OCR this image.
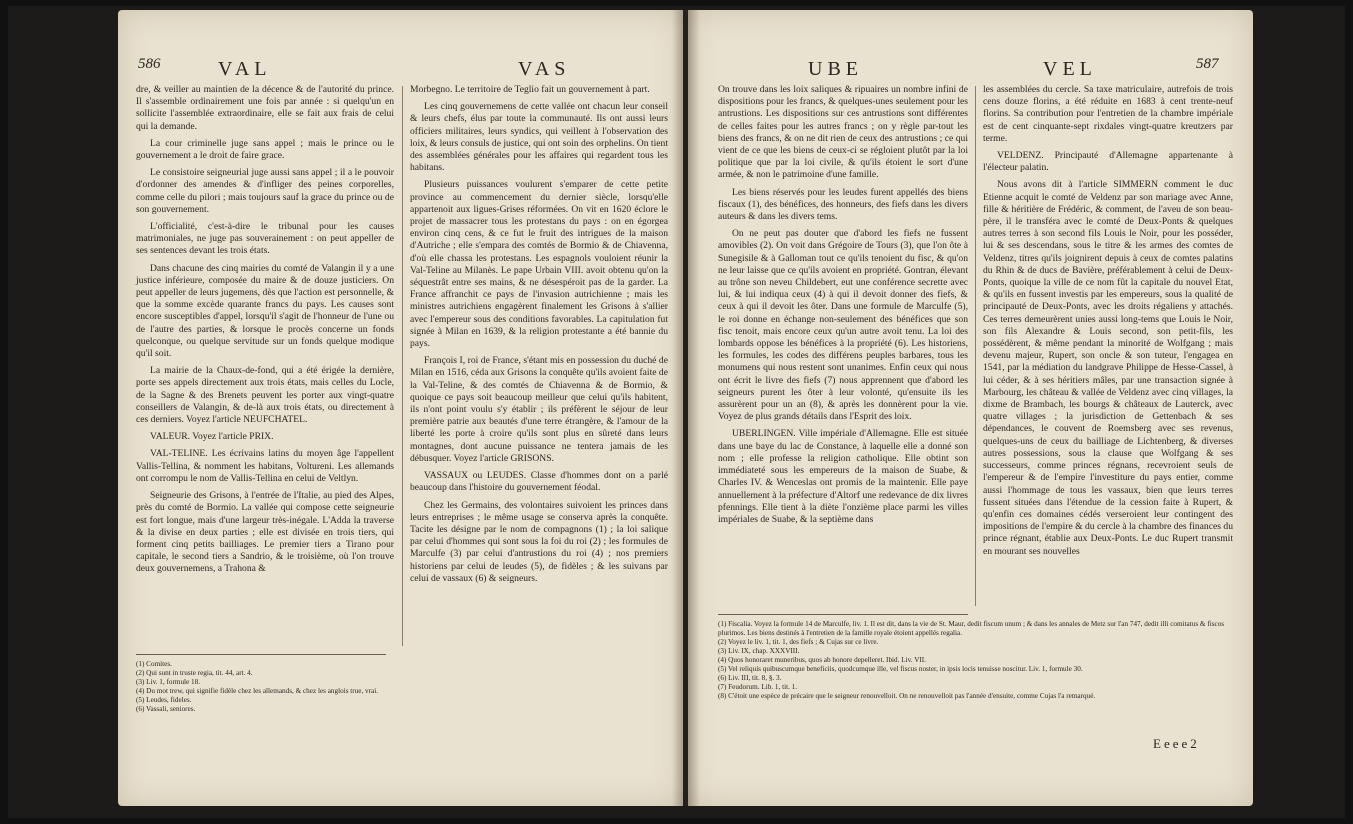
586	VAL	VAS

dre, & veiller au maintien de la décence & de l'autorité du prince. Il s'assemble ordinairement une fois par année : si quelqu'un en sollicite l'assemblée extraordinaire, elle se fait aux frais de celui qui la demande.

La cour criminelle juge sans appel ; mais le prince ou le gouvernement a le droit de faire grace.

Le consistoire seigneurial juge aussi sans appel ; il a le pouvoir d'ordonner des amendes & d'infliger des peines corporelles, comme celle du pilori ; mais toujours sauf la grace du prince ou de son gouvernement.

L'officialité, c'est-à-dire le tribunal pour les causes matrimoniales, ne juge pas souverainement : on peut appeller de ses sentences devant les trois états.

Dans chacune des cinq mairies du comté de Valangin il y a une justice inférieure, composée du maire & de douze justiciers. On peut appeller de leurs jugemens, dès que l'action est personnelle, & que la somme excède quarante francs du pays. Les causes sont encore susceptibles d'appel, lorsqu'il s'agit de l'honneur de l'une ou de l'autre des parties, & lorsque le procès concerne un fonds quelconque, ou quelque servitude sur un fonds quelque modique qu'il soit.

La mairie de la Chaux-de-fond, qui a été érigée la dernière, porte ses appels directement aux trois états, mais celles du Locle, de la Sagne & des Brenets peuvent les porter aux vingt-quatre conseillers de Valangin, & de-là aux trois états, ou directement à ces derniers. Voyez l'article NEUFCHATEL.

VALEUR. Voyez l'article PRIX.

VAL-TELINE. Les écrivains latins du moyen âge l'appellent Vallis-Tellina, & nomment les habitans, Voltureni. Les allemands ont corrompu le nom de Vallis-Tellina en celui de Veltlyn.

Seigneurie des Grisons, à l'entrée de l'Italie, au pied des Alpes, près du comté de Bormio. La vallée qui compose cette seigneurie est fort longue, mais d'une largeur très-inégale. L'Adda la traverse & la divise en deux parties ; elle est divisée en trois tiers, qui forment cinq petits bailliages. Le premier tiers a Tirano pour capitale, le second tiers a Sandrio, & le troisième, où l'on trouve deux gouvernemens, a Trahona &

Morbegno. Le territoire de Teglio fait un gouvernement à part.

Les cinq gouvernemens de cette vallée ont chacun leur conseil & leurs chefs, élus par toute la communauté. Ils ont aussi leurs officiers militaires, leurs syndics, qui veillent à l'observation des loix, & leurs consuls de justice, qui ont soin des orphelins. On tient des assemblées générales pour les affaires qui regardent tous les habitans.

Plusieurs puissances voulurent s'emparer de cette petite province au commencement du dernier siècle, lorsqu'elle appartenoit aux ligues-Grises réformées. On vit en 1620 éclore le projet de massacrer tous les protestans du pays : on en égorgea environ cinq cens, & ce fut le fruit des intrigues de la maison d'Autriche ; elle s'empara des comtés de Bormio & de Chiavenna, d'où elle chassa les protestans. Les espagnols vouloient réunir la Val-Teline au Milanès. Le pape Urbain VIII. avoit obtenu qu'on la séquestrât entre ses mains, & ne désespéroit pas de la garder. La France affranchit ce pays de l'invasion autrichienne ; mais les ministres autrichiens engagèrent finalement les Grisons à s'allier avec l'empereur sous des conditions favorables. La capitulation fut signée à Milan en 1639, & la religion protestante a été bannie du pays.

François I, roi de France, s'étant mis en possession du duché de Milan en 1516, céda aux Grisons la conquête qu'ils avoient faite de la Val-Teline, & des comtés de Chiavenna & de Bormio, & quoique ce pays soit beaucoup meilleur que celui qu'ils habitent, ils n'ont point voulu s'y établir ; ils préfèrent le séjour de leur première patrie aux beautés d'une terre étrangère, & l'amour de la liberté les porte à croire qu'ils sont plus en sûreté dans leurs montagnes, dont aucune puissance ne tentera jamais de les débusquer. Voyez l'article GRISONS.

VASSAUX ou LEUDES. Classe d'hommes dont on a parlé beaucoup dans l'histoire du gouvernement féodal.

Chez les Germains, des volontaires suivoient les princes dans leurs entreprises ; le même usage se conserva après la conquête. Tacite les désigne par le nom de compagnons (1) ; la loi salique par celui d'hommes qui sont sous la foi du roi (2) ; les formules de Marculfe (3) par celui d'antrustions du roi (4) ; nos premiers historiens par celui de leudes (5), de fidèles ; & les suivans par celui de vassaux (6) & seigneurs.

(1) Comites.
(2) Qui sunt in truste regia, tit. 44, art. 4.
(3) Liv. 1, formule 18.
(4) Du mot trew, qui signifie fidèle chez les allemands, & chez les anglois true, vrai.
(5) Leudes, fideles.
(6) Vassali, seniores.
UBE	VEL	587

On trouve dans les loix saliques & ripuaires un nombre infini de dispositions pour les francs, & quelques-unes seulement pour les antrustions. Les dispositions sur ces antrustions sont différentes de celles faites pour les autres francs ; on y règle par-tout les biens des francs, & on ne dit rien de ceux des antrustions ; ce qui vient de ce que les biens de ceux-ci se régloient plutôt par la loi politique que par la loi civile, & qu'ils étoient le sort d'une armée, & non le patrimoine d'une famille.

Les biens réservés pour les leudes furent appellés des biens fiscaux (1), des bénéfices, des honneurs, des fiefs dans les divers auteurs & dans les divers tems.

On ne peut pas douter que d'abord les fiefs ne fussent amovibles (2). On voit dans Grégoire de Tours (3), que l'on ôte à Sunegisile & à Galloman tout ce qu'ils tenoient du fisc, & qu'on ne leur laisse que ce qu'ils avoient en propriété. Gontran, élevant au trône son neveu Childebert, eut une conférence secrette avec lui, & lui indiqua ceux (4) à qui il devoit donner des fiefs, & ceux à qui il devoit les ôter. Dans une formule de Marculfe (5), le roi donne en échange non-seulement des bénéfices que son fisc tenoit, mais encore ceux qu'un autre avoit tenu. La loi des lombards oppose les bénéfices à la propriété (6). Les historiens, les formules, les codes des différens peuples barbares, tous les monumens qui nous restent sont unanimes. Enfin ceux qui nous ont écrit le livre des fiefs (7) nous apprennent que d'abord les seigneurs purent les ôter à leur volonté, qu'ensuite ils les assurèrent pour un an (8), & après les donnèrent pour la vie. Voyez de plus grands détails dans l'Esprit des loix.

UBERLINGEN. Ville impériale d'Allemagne. Elle est située dans une baye du lac de Constance, à laquelle elle a donné son nom ; elle professe la religion catholique. Elle obtint son immédiateté sous les empereurs de la maison de Suabe, & Charles IV. & Wenceslas ont promis de la maintenir. Elle paye annuellement à la préfecture d'Altorf une redevance de dix livres pfennings. Elle tient à la diète l'onzième place parmi les villes impériales de Suabe, & la septième dans

les assemblées du cercle. Sa taxe matriculaire, autrefois de trois cens douze florins, a été réduite en 1683 à cent trente-neuf florins. Sa contribution pour l'entretien de la chambre impériale est de cent cinquante-sept rixdales vingt-quatre kreutzers par terme.

VELDENZ. Principauté d'Allemagne appartenante à l'électeur palatin.

Nous avons dit à l'article SIMMERN comment le duc Etienne acquit le comté de Veldenz par son mariage avec Anne, fille & héritière de Frédéric, & comment, de l'aveu de son beau-père, il le transféra avec le comté de Deux-Ponts & quelques autres terres à son second fils Louis le Noir, pour les posséder, lui & ses descendans, sous le titre & les armes des comtes de Veldenz, titres qu'ils joignirent depuis à ceux de comtes palatins du Rhin & de ducs de Bavière, préférablement à celui de Deux-Ponts, quoique la ville de ce nom fût la capitale du nouvel Etat, & qu'ils en fussent investis par les empereurs, sous la qualité de principauté de Deux-Ponts, avec les droits régaliens y attachés. Ces terres demeurèrent unies aussi long-tems que Louis le Noir, son fils Alexandre & Louis second, son petit-fils, les possédèrent, & même pendant la minorité de Wolfgang ; mais devenu majeur, Rupert, son oncle & son tuteur, l'engagea en 1541, par la médiation du landgrave Philippe de Hesse-Cassel, à lui céder, & à ses héritiers mâles, par une transaction signée à Marbourg, les château & vallée de Veldenz avec cinq villages, la dixme de Brambach, les bourgs & châteaux de Lauterck, avec quatre villages ; la jurisdiction de Gettenbach & ses dépendances, le couvent de Roemsberg avec ses revenus, quelques-uns de ceux du bailliage de Lichtenberg, & diverses autres possessions, sous la clause que Wolfgang & ses successeurs, comme princes régnans, recevroient seuls de l'empereur & de l'empire l'investiture du pays entier, comme aussi l'hommage de tous les vassaux, bien que leurs terres fussent situées dans l'étendue de la cession faite à Rupert, & qu'enfin ces domaines cédés verseroient leur contingent des impositions de l'empire & du cercle à la chambre des finances du prince régnant, établie aux Deux-Ponts. Le duc Rupert transmit en mourant ses nouvelles

(1) Fiscalia. Voyez la formule 14 de Marculfe, liv. 1. Il est dit, dans la vie de St. Maur, dedit fiscum unum ; & dans les annales de Metz sur l'an 747, dedit illi comitatus & fiscos plurimos. Les biens destinés à l'entretien de la famille royale étoient appellés regalia.
(2) Voyez le liv. 1, tit. 1, des fiefs ; & Cujas sur ce livre.
(3) Liv. IX, chap. XXXVIII.
(4) Quos honoraret muneribus, quos ab honore depelleret. Ibid. Liv. VII.
(5) Vel reliquis quibuscumque beneficiis, quodcumque ille, vel fiscus noster, in ipsis locis tenuisse noscitur. Liv. 1, formule 30.
(6) Liv. III, tit. 8, §. 3.
(7) Feudorum. Lib. 1, tit. 1.
(8) C'étoit une espèce de précaire que le seigneur renouvelloit. On ne renouvelloit pas l'année d'ensuite, comme Cujas l'a remarqué.
Eeee2
